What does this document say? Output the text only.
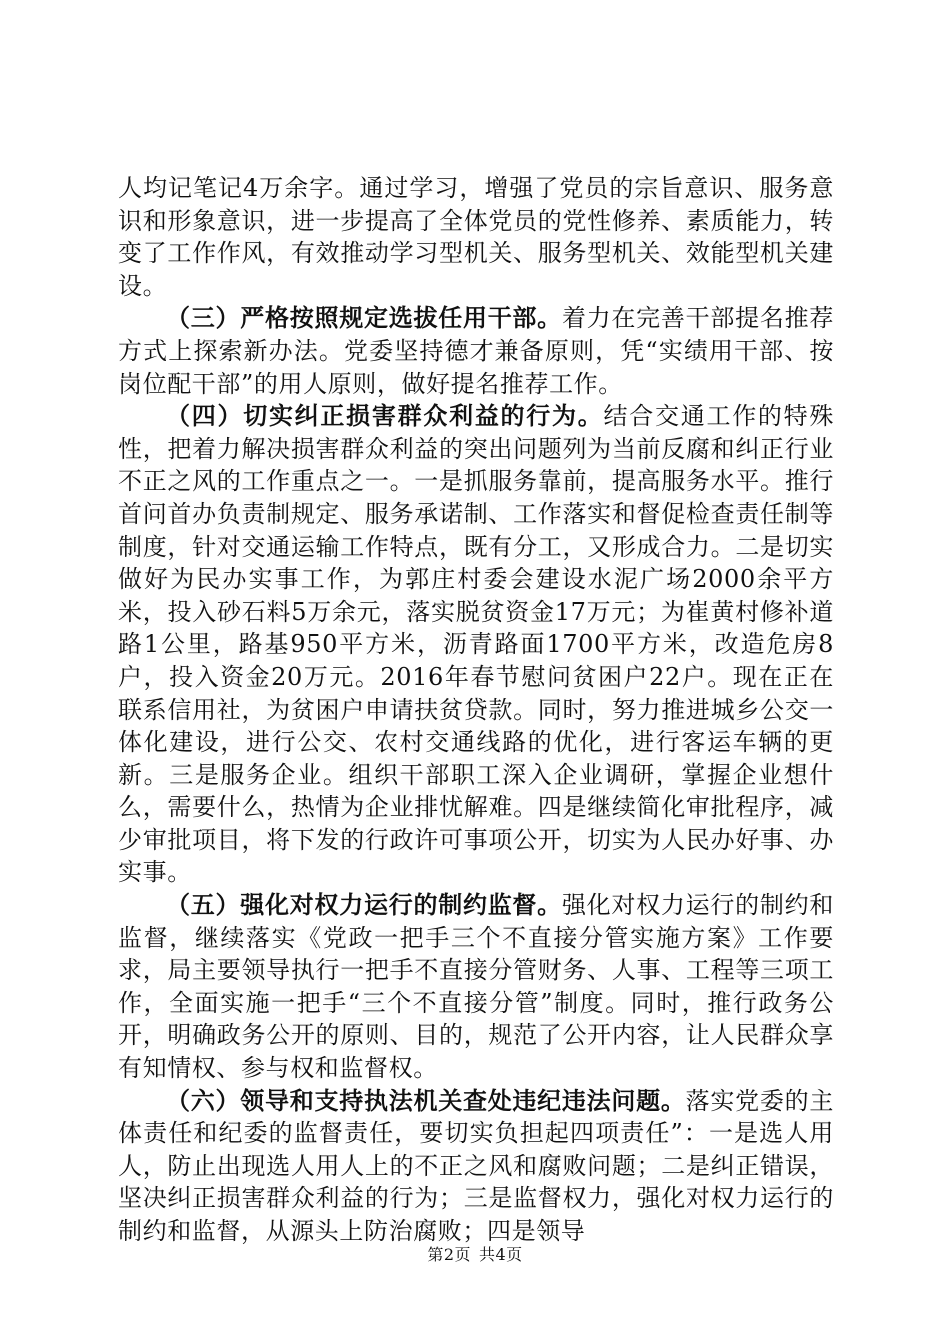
人均记笔记4万余字。通过学习，增强了党员的宗旨意识、服务意识和形象意识，进一步提高了全体党员的党性修养、素质能力，转变了工作作风，有效推动学习型机关、服务型机关、效能型机关建设。

（三）严格按照规定选拔任用干部。着力在完善干部提名推荐方式上探索新办法。党委坚持德才兼备原则，凭“实绩用干部、按岗位配干部”的用人原则，做好提名推荐工作。

（四）切实纠正损害群众利益的行为。结合交通工作的特殊性，把着力解决损害群众利益的突出问题列为当前反腐和纠正行业不正之风的工作重点之一。一是抓服务靠前，提高服务水平。推行首问首办负责制规定、服务承诺制、工作落实和督促检查责任制等制度，针对交通运输工作特点，既有分工，又形成合力。二是切实做好为民办实事工作，为郭庄村委会建设水泥广场2000余平方米，投入砂石料5万余元，落实脱贫资金17万元；为崔黄村修补道路1公里，路基950平方米，沥青路面1700平方米，改造危房8户，投入资金20万元。2016年春节慰问贫困户22户。现在正在联系信用社，为贫困户申请扶贫贷款。同时，努力推进城乡公交一体化建设，进行公交、农村交通线路的优化，进行客运车辆的更新。三是服务企业。组织干部职工深入企业调研，掌握企业想什么，需要什么，热情为企业排忧解难。四是继续简化审批程序，减少审批项目，将下发的行政许可事项公开，切实为人民办好事、办实事。

（五）强化对权力运行的制约监督。强化对权力运行的制约和监督，继续落实《党政一把手三个不直接分管实施方案》工作要求，局主要领导执行一把手不直接分管财务、人事、工程等三项工作，全面实施一把手“三个不直接分管”制度。同时，推行政务公开，明确政务公开的原则、目的，规范了公开内容，让人民群众享有知情权、参与权和监督权。

（六）领导和支持执法机关查处违纪违法问题。落实党委的主体责任和纪委的监督责任，要切实负担起四项责任”：一是选人用人，防止出现选人用人上的不正之风和腐败问题；二是纠正错误，坚决纠正损害群众利益的行为；三是监督权力，强化对权力运行的制约和监督，从源头上防治腐败；四是领导

第2页 共4页
